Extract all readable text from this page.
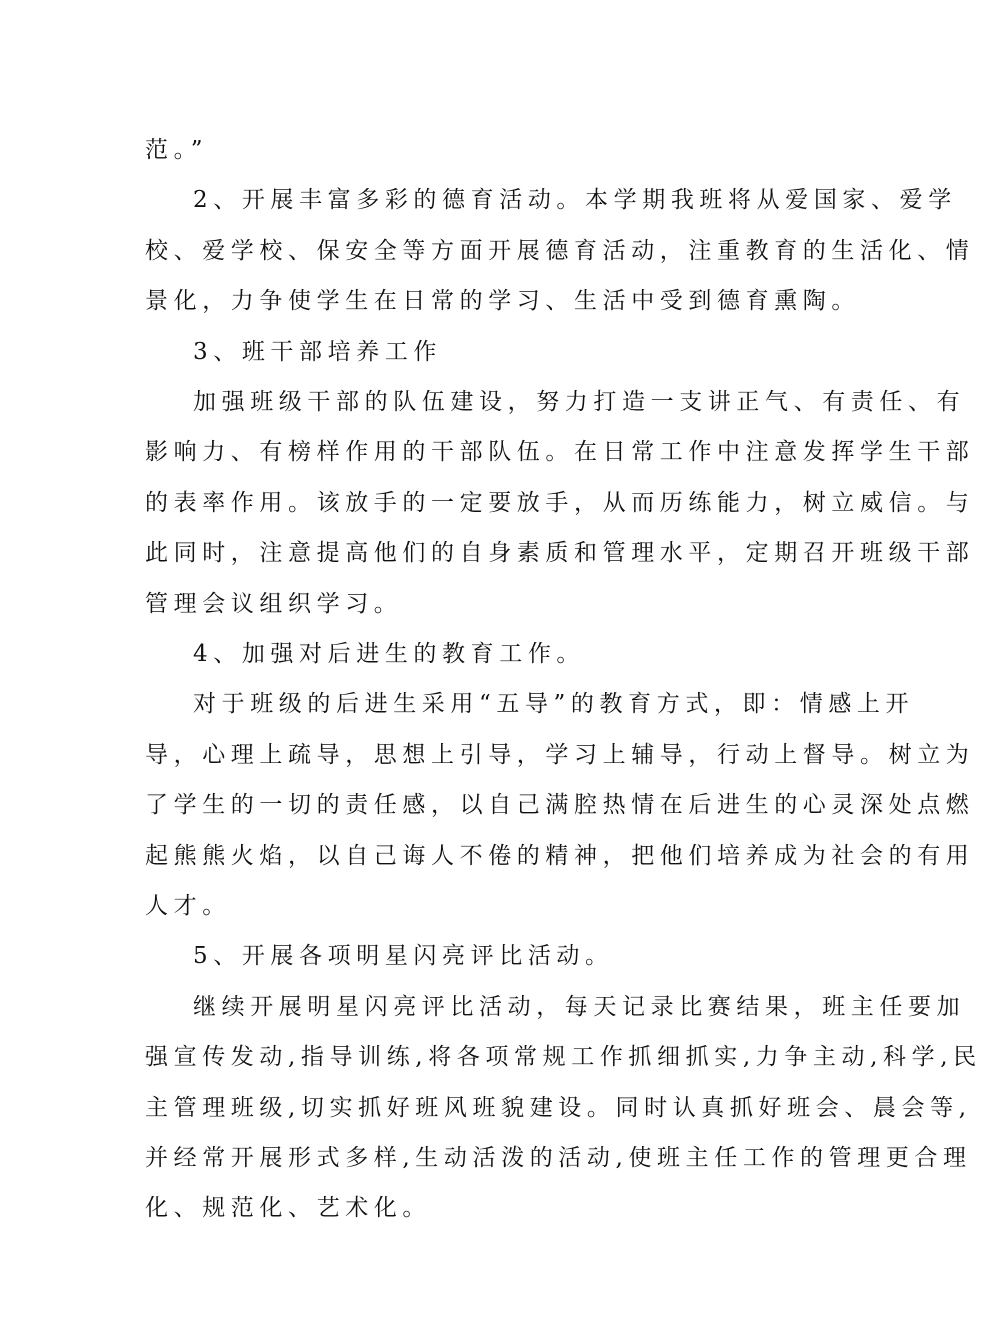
范。”
2、开展丰富多彩的德育活动。本学期我班将从爱国家、爱学
校、爱学校、保安全等方面开展德育活动，注重教育的生活化、情
景化，力争使学生在日常的学习、生活中受到德育熏陶。
3、班干部培养工作
加强班级干部的队伍建设，努力打造一支讲正气、有责任、有
影响力、有榜样作用的干部队伍。在日常工作中注意发挥学生干部
的表率作用。该放手的一定要放手，从而历练能力，树立威信。与
此同时，注意提高他们的自身素质和管理水平，定期召开班级干部
管理会议组织学习。
4、加强对后进生的教育工作。
对于班级的后进生采用“五导”的教育方式，即：情感上开
导，心理上疏导，思想上引导，学习上辅导，行动上督导。树立为
了学生的一切的责任感，以自己满腔热情在后进生的心灵深处点燃
起熊熊火焰，以自己诲人不倦的精神，把他们培养成为社会的有用
人才。
5、开展各项明星闪亮评比活动。
继续开展明星闪亮评比活动，每天记录比赛结果，班主任要加
强宣传发动,指导训练,将各项常规工作抓细抓实,力争主动,科学,民
主管理班级,切实抓好班风班貌建设。同时认真抓好班会、晨会等,
并经常开展形式多样,生动活泼的活动,使班主任工作的管理更合理
化、规范化、艺术化。
